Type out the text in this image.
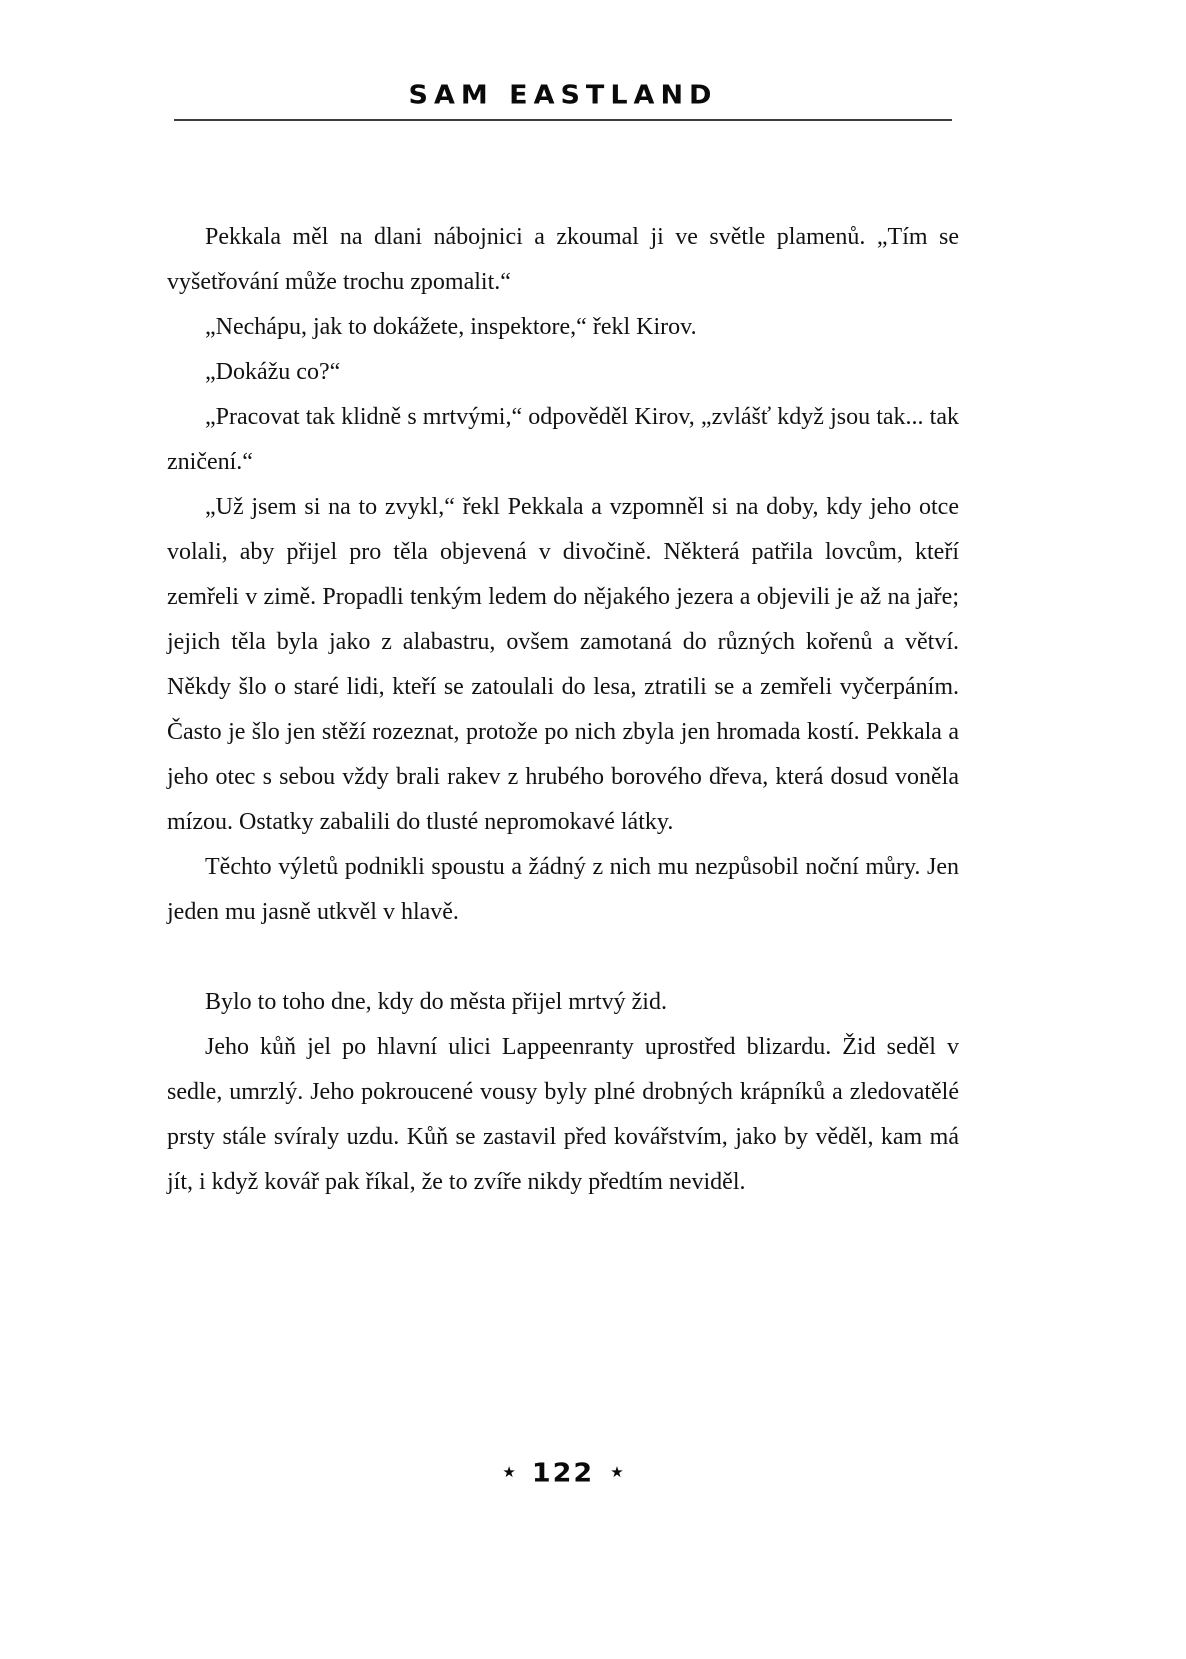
SAM EASTLAND

Pekkala měl na dlani nábojnici a zkoumal ji ve světle plamenů. „Tím se vyšetřování může trochu zpomalit.“

„Nechápu, jak to dokážete, inspektore,“ řekl Kirov.

„Dokážu co?“

„Pracovat tak klidně s mrtvými,“ odpověděl Kirov, „zvlášť když jsou tak... tak zničení.“

„Už jsem si na to zvykl,“ řekl Pekkala a vzpomněl si na doby, kdy jeho otce volali, aby přijel pro těla objevená v divočině. Některá patřila lovcům, kteří zemřeli v zimě. Propadli tenkým ledem do nějakého jezera a objevili je až na jaře; jejich těla byla jako z alabastru, ovšem zamotaná do různých kořenů a větví. Někdy šlo o staré lidi, kteří se zatoulali do lesa, ztratili se a zemřeli vyčerpáním. Často je šlo jen stěží rozeznat, protože po nich zbyla jen hromada kostí. Pekkala a jeho otec s sebou vždy brali rakev z hrubého borového dřeva, která dosud voněla mízou. Ostatky zabalili do tlusté nepromokavé látky.

Těchto výletů podnikli spoustu a žádný z nich mu nezpůsobil noční můry. Jen jeden mu jasně utkvěl v hlavě.

Bylo to toho dne, kdy do města přijel mrtvý žid.

Jeho kůň jel po hlavní ulici Lappeenranty uprostřed blizardu. Žid seděl v sedle, umrzlý. Jeho pokroucené vousy byly plné drobných krápníků a zledovatělé prsty stále svíraly uzdu. Kůň se zastavil před kovářstvím, jako by věděl, kam má jít, i když kovář pak říkal, že to zvíře nikdy předtím neviděl.

★ 122 ★
